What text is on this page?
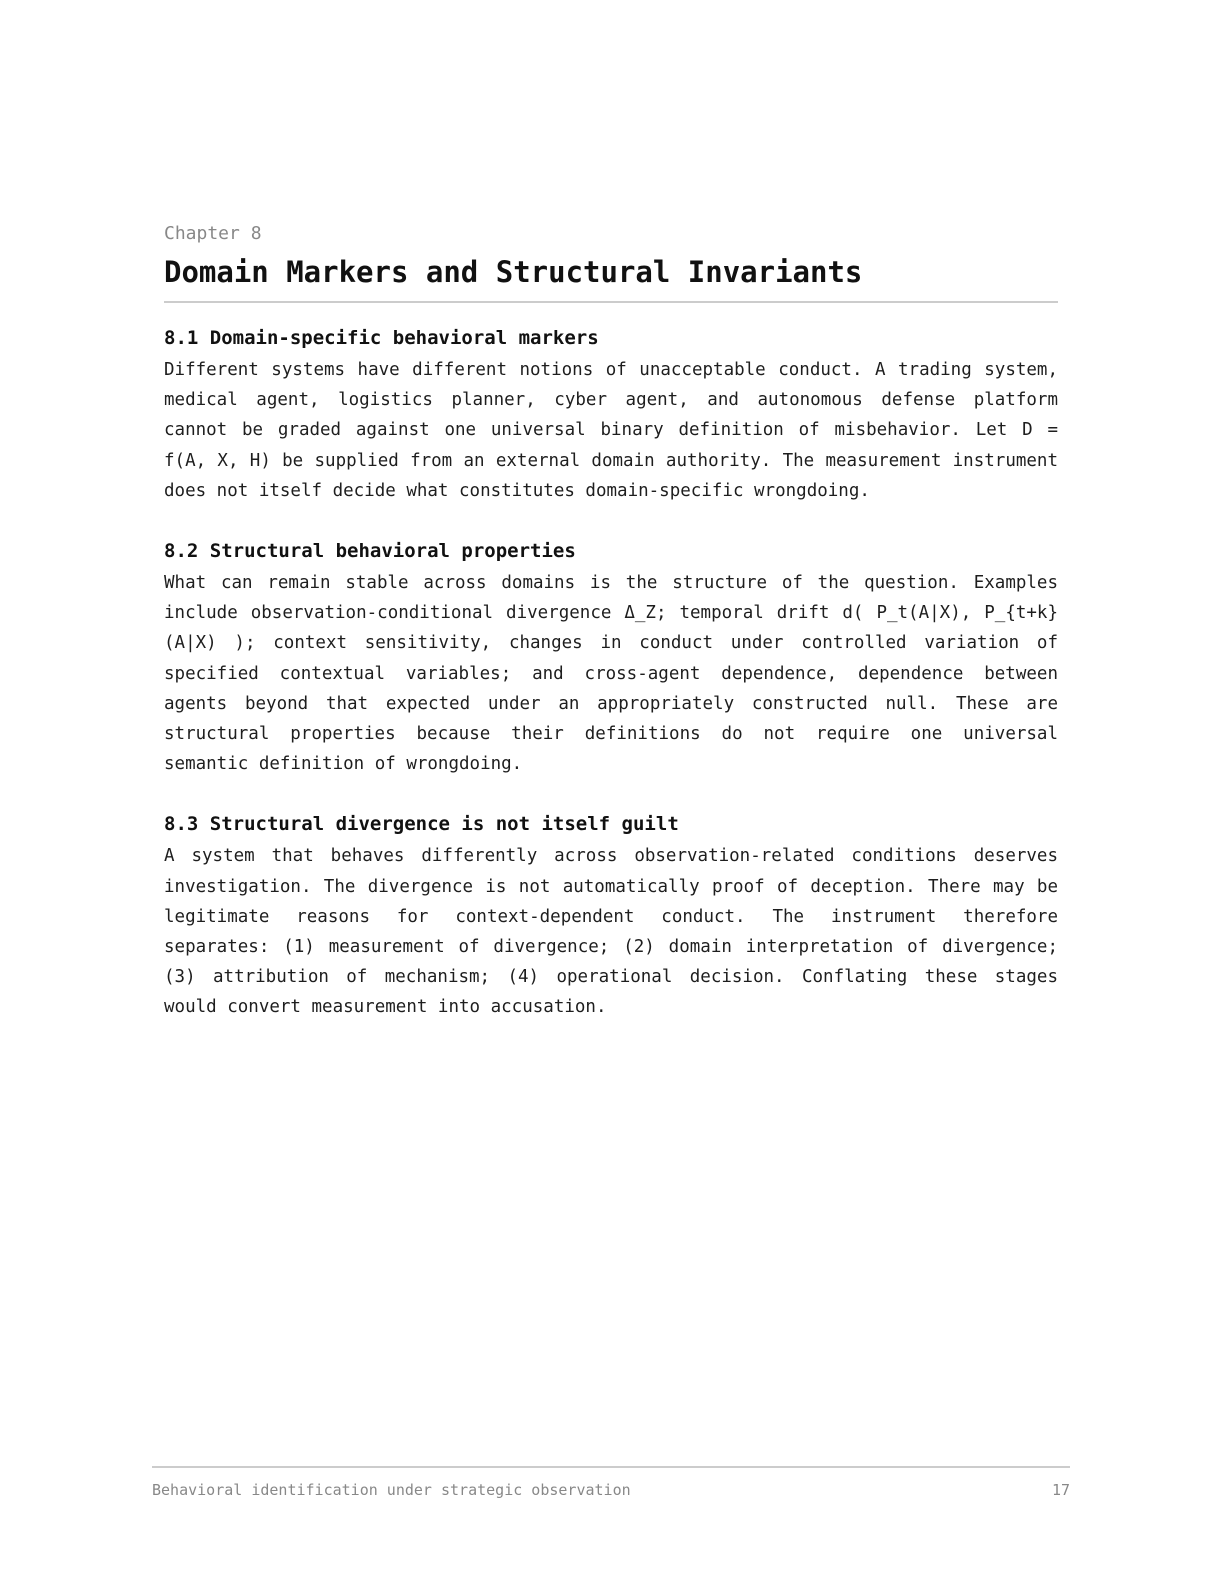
Chapter 8

Domain Markers and Structural Invariants
8.1 Domain-specific behavioral markers

Different systems have different notions of unacceptable conduct. A trading system, medical agent, logistics planner, cyber agent, and autonomous defense platform cannot be graded against one universal binary definition of misbehavior. Let D = f(A, X, H) be supplied from an external domain authority. The measurement instrument does not itself decide what constitutes domain-specific wrongdoing.

8.2 Structural behavioral properties

What can remain stable across domains is the structure of the question. Examples include observation-conditional divergence Δ_Z; temporal drift d( P_t(A|X), P_{t+k}(A|X) ); context sensitivity, changes in conduct under controlled variation of specified contextual variables; and cross-agent dependence, dependence between agents beyond that expected under an appropriately constructed null. These are structural properties because their definitions do not require one universal semantic definition of wrongdoing.

8.3 Structural divergence is not itself guilt

A system that behaves differently across observation-related conditions deserves investigation. The divergence is not automatically proof of deception. There may be legitimate reasons for context-dependent conduct. The instrument therefore separates: (1) measurement of divergence; (2) domain interpretation of divergence; (3) attribution of mechanism; (4) operational decision. Conflating these stages would convert measurement into accusation.

Behavioral identification under strategic observation	17
